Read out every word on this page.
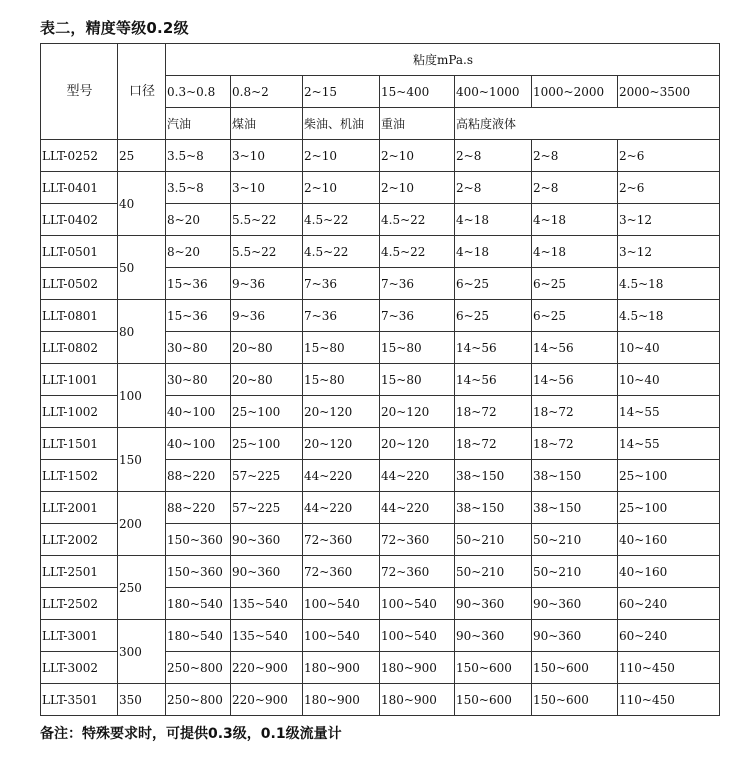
表二，精度等级0.2级
型号	口径	粘度mPa.s						
		0.3~0.8	0.8~2	2~15	15~400	400~1000	1000~2000	2000~3500
		汽油	煤油	柴油、机油	重油	高粘度液体		
LLT-0252	25	3.5~8	3~10	2~10	2~10	2~8	2~8	2~6
LLT-0401	40	3.5~8	3~10	2~10	2~10	2~8	2~8	2~6
LLT-0402		8~20	5.5~22	4.5~22	4.5~22	4~18	4~18	3~12
LLT-0501	50	8~20	5.5~22	4.5~22	4.5~22	4~18	4~18	3~12
LLT-0502		15~36	9~36	7~36	7~36	6~25	6~25	4.5~18
LLT-0801	80	15~36	9~36	7~36	7~36	6~25	6~25	4.5~18
LLT-0802		30~80	20~80	15~80	15~80	14~56	14~56	10~40
LLT-1001	100	30~80	20~80	15~80	15~80	14~56	14~56	10~40
LLT-1002		40~100	25~100	20~120	20~120	18~72	18~72	14~55
LLT-1501	150	40~100	25~100	20~120	20~120	18~72	18~72	14~55
LLT-1502		88~220	57~225	44~220	44~220	38~150	38~150	25~100
LLT-2001	200	88~220	57~225	44~220	44~220	38~150	38~150	25~100
LLT-2002		150~360	90~360	72~360	72~360	50~210	50~210	40~160
LLT-2501	250	150~360	90~360	72~360	72~360	50~210	50~210	40~160
LLT-2502		180~540	135~540	100~540	100~540	90~360	90~360	60~240
LLT-3001	300	180~540	135~540	100~540	100~540	90~360	90~360	60~240
LLT-3002		250~800	220~900	180~900	180~900	150~600	150~600	110~450
LLT-3501	350	250~800	220~900	180~900	180~900	150~600	150~600	110~450
备注：特殊要求时，可提供0.3级，0.1级流量计
